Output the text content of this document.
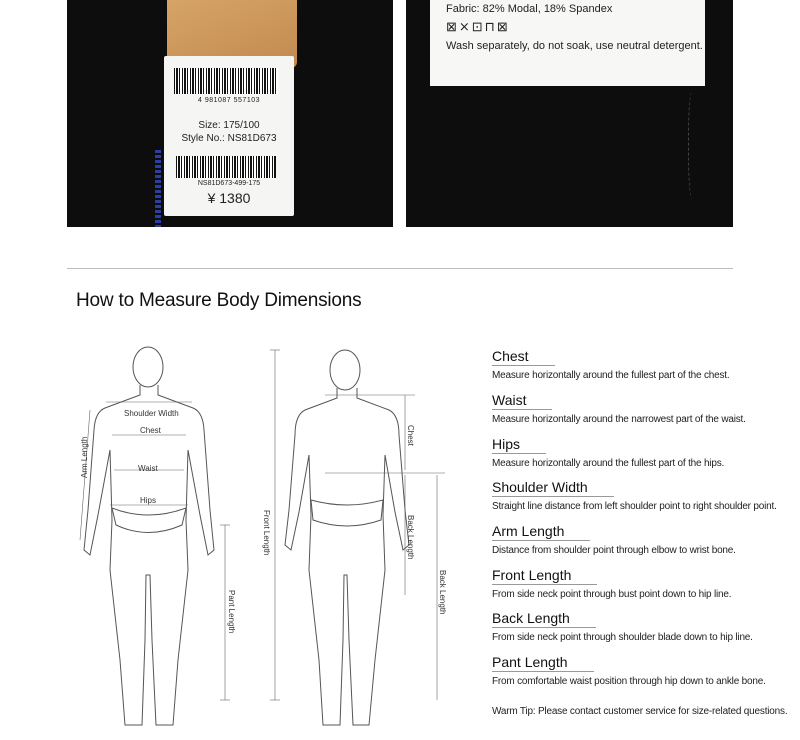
4 981087 557103
Size: 175/100
Style No.: NS81D673
NS81D673-499-175
¥ 1380
Fabric: 82% Modal, 18% Spandex
⊠⨯⊡⊓⊠
Wash separately, do not soak, use neutral detergent.
How to Measure Body Dimensions
Shoulder Width
Chest
Waist
Hips
Arm Length
Pant Length
Chest
Front Length	Back Length
Back Length
Chest
Measure horizontally around the fullest part of the chest.
Waist
Measure horizontally around the narrowest part of the waist.
Hips
Measure horizontally around the fullest part of the hips.
Shoulder Width
Straight line distance from left shoulder point to right shoulder point.
Arm Length
Distance from shoulder point through elbow to wrist bone.
Front Length
From side neck point through bust point down to hip line.
Back Length
From side neck point through shoulder blade down to hip line.
Pant Length
From comfortable waist position through hip down to ankle bone.
Warm Tip: Please contact customer service for size-related questions.
